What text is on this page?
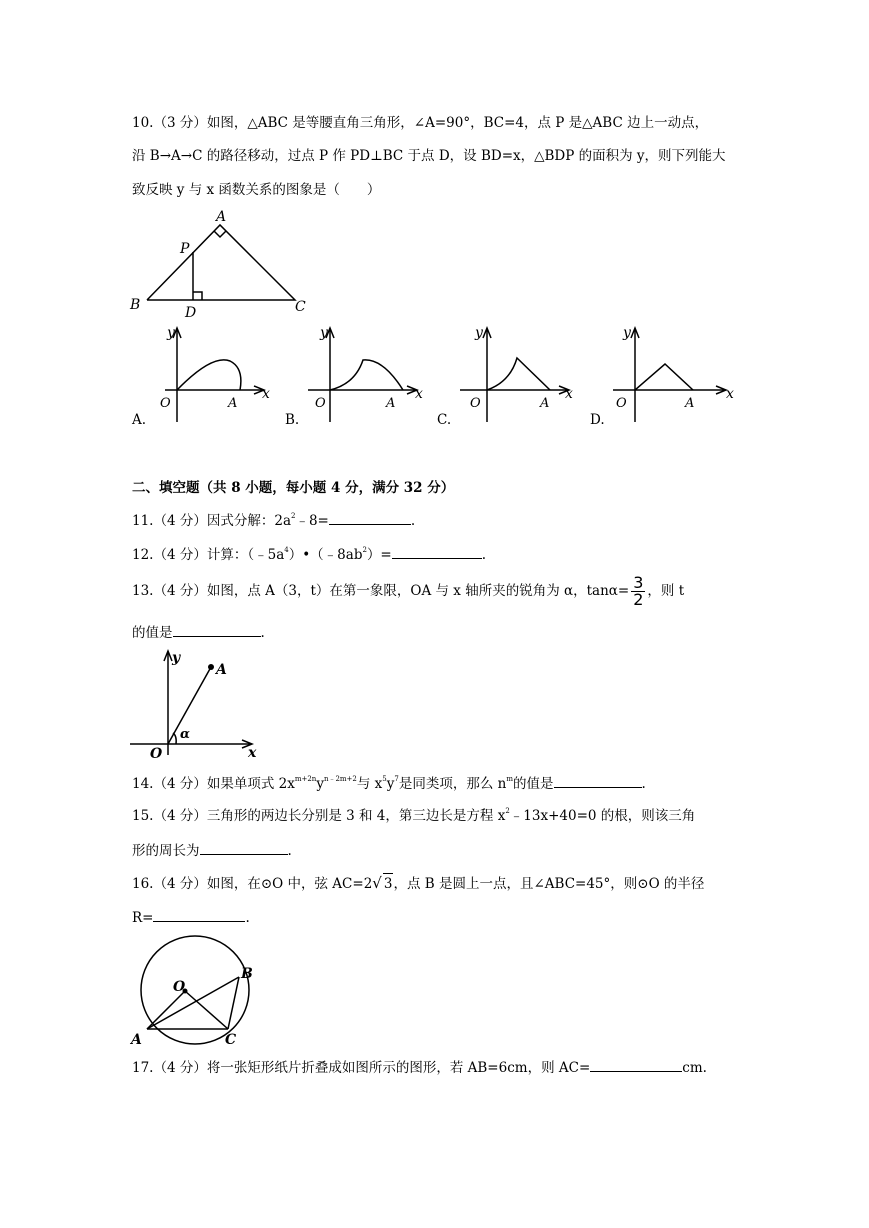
10.（3 分）如图，△ABC 是等腰直角三角形，∠A=90°，BC=4，点 P 是△ABC 边上一动点，
沿 B→A→C 的路径移动，过点 P 作 PD⊥BC 于点 D，设 BD=x，△BDP 的面积为 y，则下列能大
致反映 y 与 x 函数关系的图象是（　　）
A
B	C
P
D
y
x
O	A
y
x
O	A
y
x
O	A
y
x
O	A
A.	B.	C.	D.
二、填空题（共 8 小题，每小题 4 分，满分 32 分）
11.（4 分）因式分解：$2a^2﹣8=$	.
12.（4 分）计算：$(﹣5a^4)•(﹣8ab^2)=$	.
13.（4 分）如图，点 A（3，t）在第一象限，OA 与 x 轴所夹的锐角为 α，$\tan\alpha= \frac{3}{2}$ ，则 t
的值是	.
y
x
O
A
α
14.（4 分）如果单项式 $2x^{m+2n}y^{n﹣2m+2}$与 $x^5y^7$是同类项，那么 $n^m$的值是	.
15.（4 分）三角形的两边长分别是 3 和 4，第三边长是方程 $x^2﹣13x+40=0$ 的根，则该三角
形的周长为	.
16.（4 分）如图，在⊙O 中，弦 AC=2√ 3，点 B 是圆上一点，且∠ABC=45°，则⊙O 的半径
R=	.
O
A
B
C
17.（4 分）将一张矩形纸片折叠成如图所示的图形，若 AB=6cm，则 AC=	cm.
